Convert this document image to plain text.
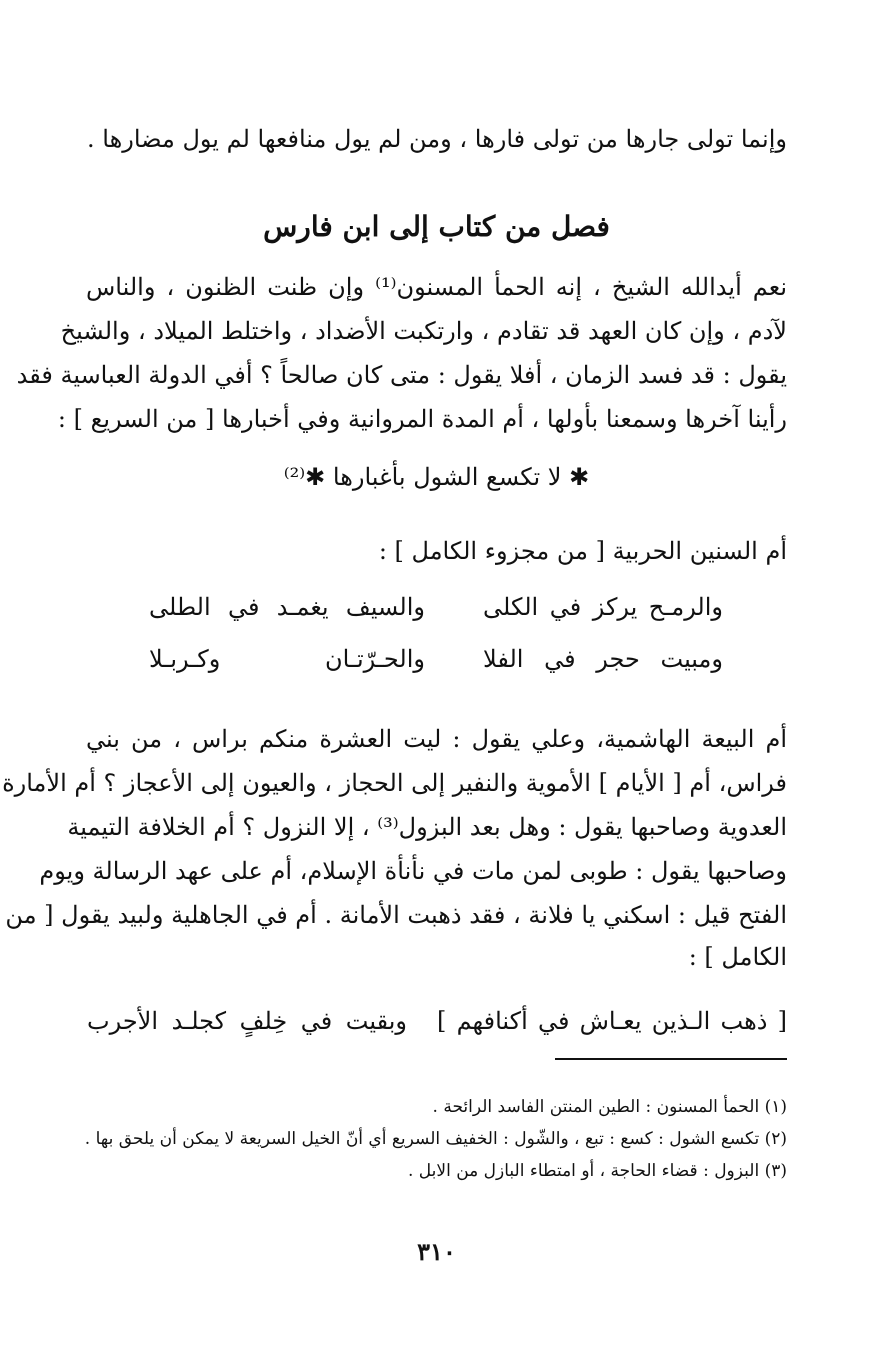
وإنما تولى جارها من تولى فارها ، ومن لم يول منافعها لم يول مضارها .
فصل من كتاب إلى ابن فارس
نعم أيدالله الشيخ ، إنه الحمأ المسنون⁽¹⁾ وإن ظنت الظنون ، والناس
لآدم ، وإن كان العهد قد تقادم ، وارتكبت الأضداد ، واختلط الميلاد ، والشيخ
يقول : قد فسد الزمان ، أفلا يقول : متى كان صالحاً ؟ أفي الدولة العباسية فقد
رأينا آخرها وسمعنا بأولها ، أم المدة المروانية وفي أخبارها [ من السريع ] :
✱ لا تكسع الشول بأغبارها ✱⁽²⁾
أم السنين الحربية [ من مجزوء الكامل ] :
والرمـح يركز في الكلى
والسيف يغمـد في الطلى
ومبيت حجر في الفلا
والحـرّتـان وكـربـلا
أم البيعة الهاشمية، وعلي يقول : ليت العشرة منكم براس ، من بني
فراس، أم [ الأيام ] الأموية والنفير إلى الحجاز ، والعيون إلى الأعجاز ؟ أم الأمارة
العدوية وصاحبها يقول : وهل بعد البزول⁽³⁾ ، إلا النزول ؟ أم الخلافة التيمية
وصاحبها يقول : طوبى لمن مات في نأنأة الإسلام، أم على عهد الرسالة ويوم
الفتح قيل : اسكني يا فلانة ، فقد ذهبت الأمانة . أم في الجاهلية ولبيد يقول [ من
الكامل ] :
[ ذهب الـذين يعـاش في أكنافهم ]
وبقيت في خِلفٍ كجلـد الأجرب
(١) الحمأ المسنون : الطين المنتن الفاسد الرائحة .
(٢) تكسع الشول : كسع : تبع ، والشّول : الخفيف السريع أي أنّ الخيل السريعة لا يمكن أن يلحق بها .
(٣) البزول : قضاء الحاجة ، أو امتطاء البازل من الابل .
٣١٠
